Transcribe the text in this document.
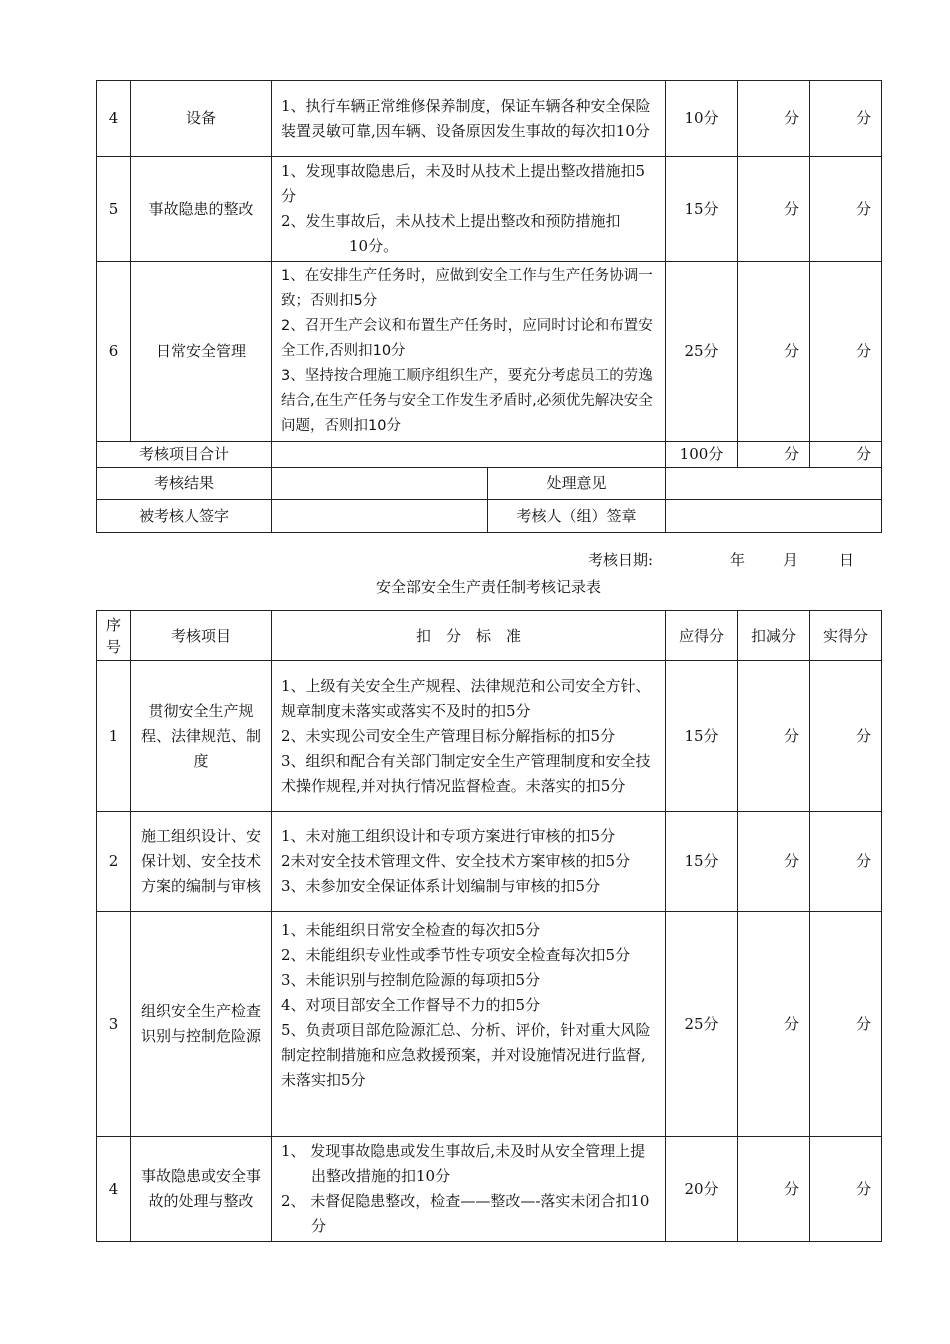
4	设备	1、执行车辆正常维修保养制度，保证车辆各种安全保险装置灵敏可靠,因车辆、设备原因发生事故的每次扣10分		10分	分	分
5	事故隐患的整改	1、发现事故隐患后，未及时从技术上提出整改措施扣5分
2、发生事故后，未从技术上提出整改和预防措施扣
10分。		15分	分	分
6	日常安全管理	1、在安排生产任务时，应做到安全工作与生产任务协调一致；否则扣5分
2、召开生产会议和布置生产任务时，应同时讨论和布置安全工作,否则扣10分
3、坚持按合理施工顺序组织生产，要充分考虑员工的劳逸结合,在生产任务与安全工作发生矛盾时,必须优先解决安全问题，否则扣10分		25分	分	分
考核项目合计				100分	分	分
考核结果			处理意见			
被考核人签字			考核人（组）签章			
考核日期:	年	月	日
安全部安全生产责任制考核记录表
序号	考核项目	扣　分　标　准	应得分	扣减分	实得分
1	贯彻安全生产规程、法律规范、制度	1、上级有关安全生产规程、法律规范和公司安全方针、规章制度未落实或落实不及时的扣5分
2、未实现公司安全生产管理目标分解指标的扣5分
3、组织和配合有关部门制定安全生产管理制度和安全技术操作规程,并对执行情况监督检查。未落实的扣5分	15分	分	分
2	施工组织设计、安保计划、安全技术方案的编制与审核	1、未对施工组织设计和专项方案进行审核的扣5分
2未对安全技术管理文件、安全技术方案审核的扣5分
3、未参加安全保证体系计划编制与审核的扣5分	15分	分	分
3	组织安全生产检查识别与控制危险源	1、未能组织日常安全检查的每次扣5分
2、未能组织专业性或季节性专项安全检查每次扣5分
3、未能识别与控制危险源的每项扣5分
4、对项目部安全工作督导不力的扣5分
5、负责项目部危险源汇总、分析、评价，针对重大风险制定控制措施和应急救援预案，并对设施情况进行监督,未落实扣5分	25分	分	分
4	事故隐患或安全事故的处理与整改	1、 发现事故隐患或发生事故后,未及时从安全管理上提出整改措施的扣10分
2、 未督促隐患整改，检查——整改—-落实未闭合扣10分	20分	分	分
